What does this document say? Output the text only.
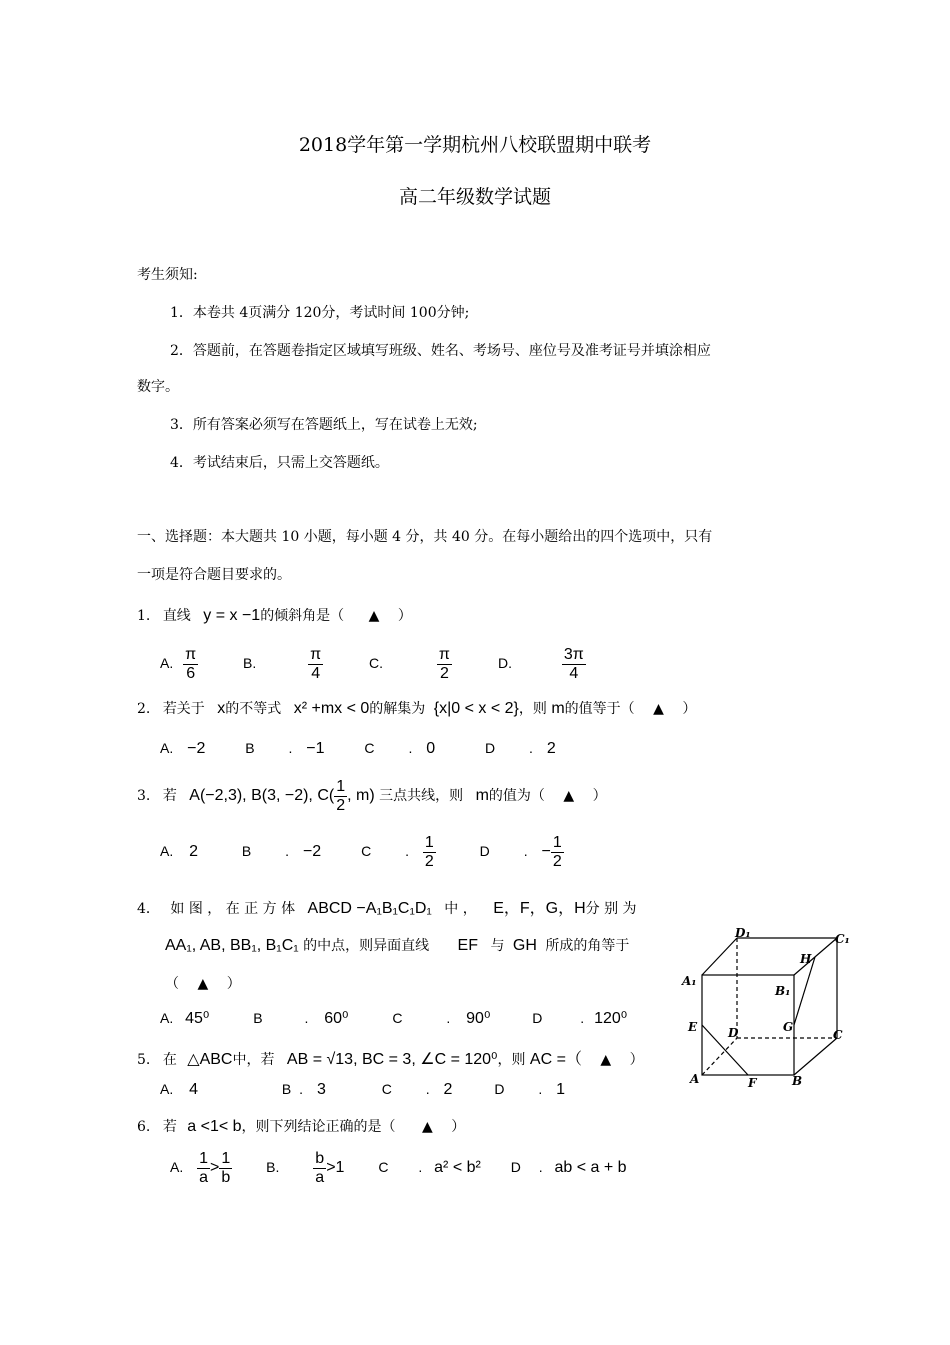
2018学年第一学期杭州八校联盟期中联考
高二年级数学试题
考生须知:
1．本卷共 4页满分 120分，考试时间 100分钟;
2．答题前，在答题卷指定区域填写班级、姓名、考场号、座位号及准考证号并填涂相应
数字。
3．所有答案必须写在答题纸上，写在试卷上无效;
4．考试结束后，只需上交答题纸。
一、选择题：本大题共 10 小题，每小题 4 分，共 40 分。在每小题给出的四个选项中，只有
一项是符合题目要求的。
1. 直线 y = x −1的倾斜角是（ ▲ ）
A. $\frac{\pi}{6}$	B.	$\frac{\pi}{4}$	C.	$\frac{\pi}{2}$	D.	$\frac{3\pi}{4}$
2. 若关于 x的不等式 x² +mx < 0的解集为 {x|0 < x < 2}，则 m的值等于（ ▲ ）
A. −2	B . −1	C . 0	D . 2
3. 若 A(−2,3), B(3, −2), $C( \frac{1}{2}$ , m) 三点共线，则 m的值为（ ▲ ）
A. 2	B . −2	C . $\frac{1}{2}$	D . − $\frac{1}{2}$
4． 如 图 ， 在 正 方 体 ABCD −A₁B₁C₁D₁ 中 ， E，F，G，H分 别 为
AA₁, AB, BB₁, B₁C₁ 的中点，则异面直线 EF 与 GH 所成的角等于
（ ▲ ）
A. 45⁰	B	. 60⁰	C	. 90⁰	D	. 120⁰
5. 在 △ABC中，若 AB = √13, BC = 3, ∠C = 120⁰，则 AC =（ ▲ ）
A. 4	B . 3	C . 2	D . 1
6. 若 a <1< b，则下列结论正确的是（ ▲ ）
A. $\frac{1}{a} > \frac{1}{b} B$. $\frac{b}{a} >1$ C . a² < b² D . ab < a + b
D₁	C₁
H
A₁
B₁
E	D	G
C
A	F	B
